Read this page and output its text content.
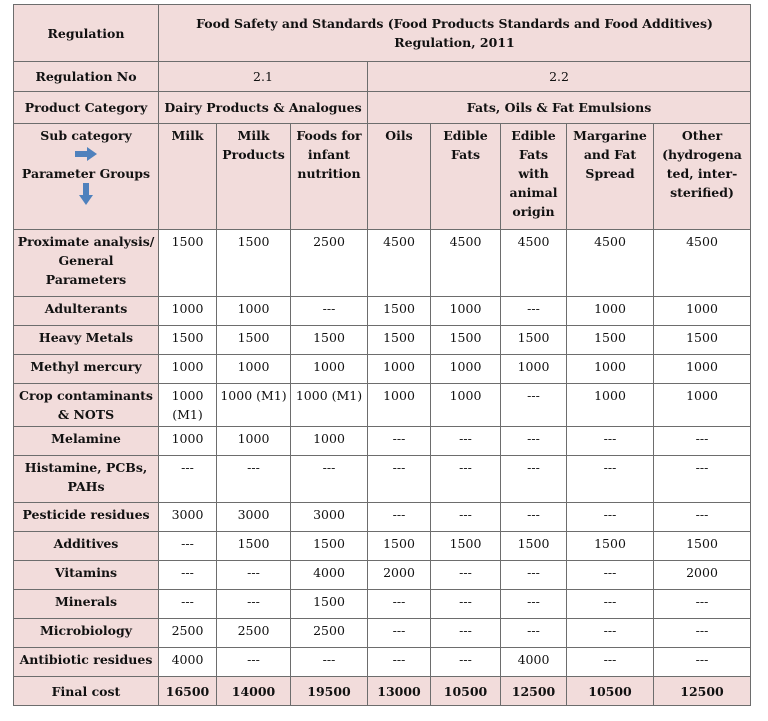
Regulation	Food Safety and Standards (Food Products Standards and Food Additives) Regulation, 2011							
Regulation No	2.1			2.2				
Product Category	Dairy Products & Analogues			Fats, Oils & Fat Emulsions				

Sub category
Parameter Groups	Milk	Milk Products	Foods for infant nutrition	Oils	Edible Fats	Edible Fats with animal origin	Margarine and Fat Spread	Other (hydrogena ted, inter-sterified)
Proximate analysis/ General Parameters	1500	1500	2500	4500	4500	4500	4500	4500
Adulterants	1000	1000	---	1500	1000	---	1000	1000
Heavy Metals	1500	1500	1500	1500	1500	1500	1500	1500
Methyl mercury	1000	1000	1000	1000	1000	1000	1000	1000
Crop contaminants & NOTS	1000 (M1)	1000 (M1)	1000 (M1)	1000	1000	---	1000	1000
Melamine	1000	1000	1000	---	---	---	---	---
Histamine, PCBs, PAHs	---	---	---	---	---	---	---	---
Pesticide residues	3000	3000	3000	---	---	---	---	---
Additives	---	1500	1500	1500	1500	1500	1500	1500
Vitamins	---	---	4000	2000	---	---	---	2000
Minerals	---	---	1500	---	---	---	---	---
Microbiology	2500	2500	2500	---	---	---	---	---
Antibiotic residues	4000	---	---	---	---	4000	---	---
Final cost	16500	14000	19500	13000	10500	12500	10500	12500
